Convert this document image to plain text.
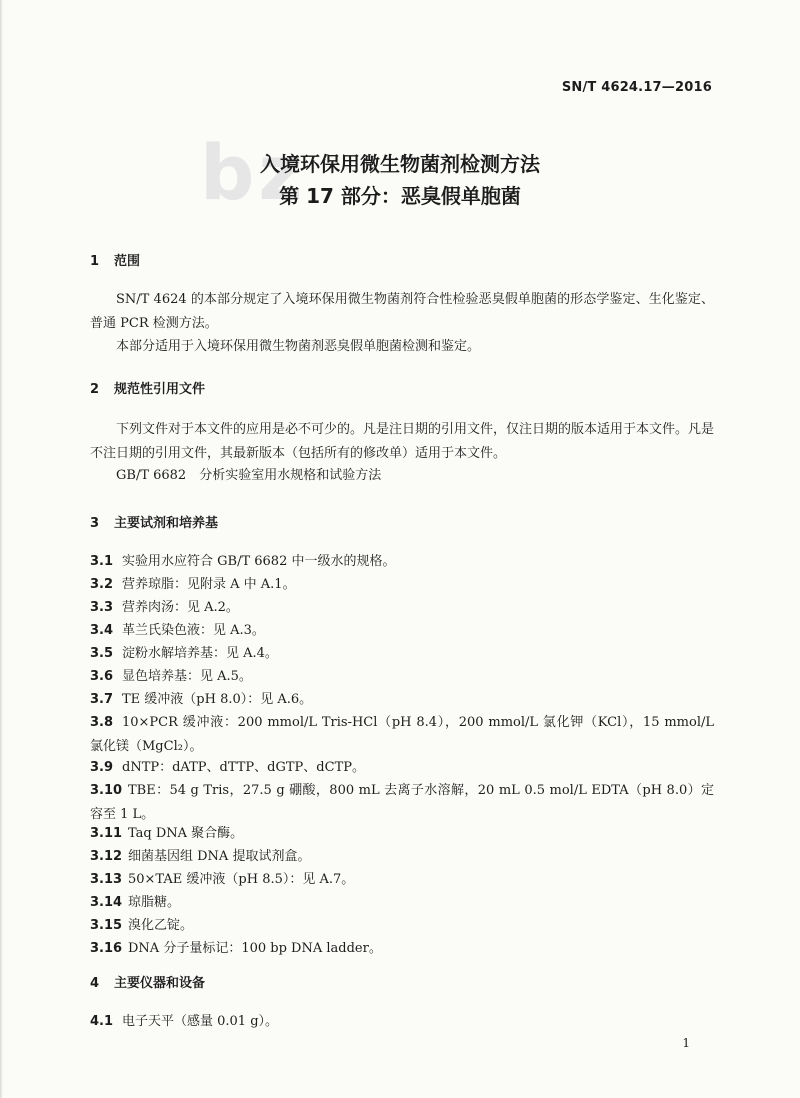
SN/T 4624.17—2016
bz
入境环保用微生物菌剂检测方法
第 17 部分：恶臭假单胞菌
1 范围
SN/T 4624 的本部分规定了入境环保用微生物菌剂符合性检验恶臭假单胞菌的形态学鉴定、生化鉴定、普通 PCR 检测方法。
本部分适用于入境环保用微生物菌剂恶臭假单胞菌检测和鉴定。
2 规范性引用文件
下列文件对于本文件的应用是必不可少的。凡是注日期的引用文件，仅注日期的版本适用于本文件。凡是不注日期的引用文件，其最新版本（包括所有的修改单）适用于本文件。
GB/T 6682　分析实验室用水规格和试验方法
3 主要试剂和培养基
3.1 实验用水应符合 GB/T 6682 中一级水的规格。
3.2 营养琼脂：见附录 A 中 A.1。
3.3 营养肉汤：见 A.2。
3.4 革兰氏染色液：见 A.3。
3.5 淀粉水解培养基：见 A.4。
3.6 显色培养基：见 A.5。
3.7 TE 缓冲液（pH 8.0）：见 A.6。
3.8 10×PCR 缓冲液：200 mmol/L Tris-HCl（pH 8.4），200 mmol/L 氯化钾（KCl），15 mmol/L 氯化镁（MgCl₂）。
3.9 dNTP：dATP、dTTP、dGTP、dCTP。
3.10 TBE：54 g Tris，27.5 g 硼酸，800 mL 去离子水溶解，20 mL 0.5 mol/L EDTA（pH 8.0）定容至 1 L。
3.11 Taq DNA 聚合酶。
3.12 细菌基因组 DNA 提取试剂盒。
3.13 50×TAE 缓冲液（pH 8.5）：见 A.7。
3.14 琼脂糖。
3.15 溴化乙锭。
3.16 DNA 分子量标记：100 bp DNA ladder。
4 主要仪器和设备
4.1 电子天平（感量 0.01 g）。
1
